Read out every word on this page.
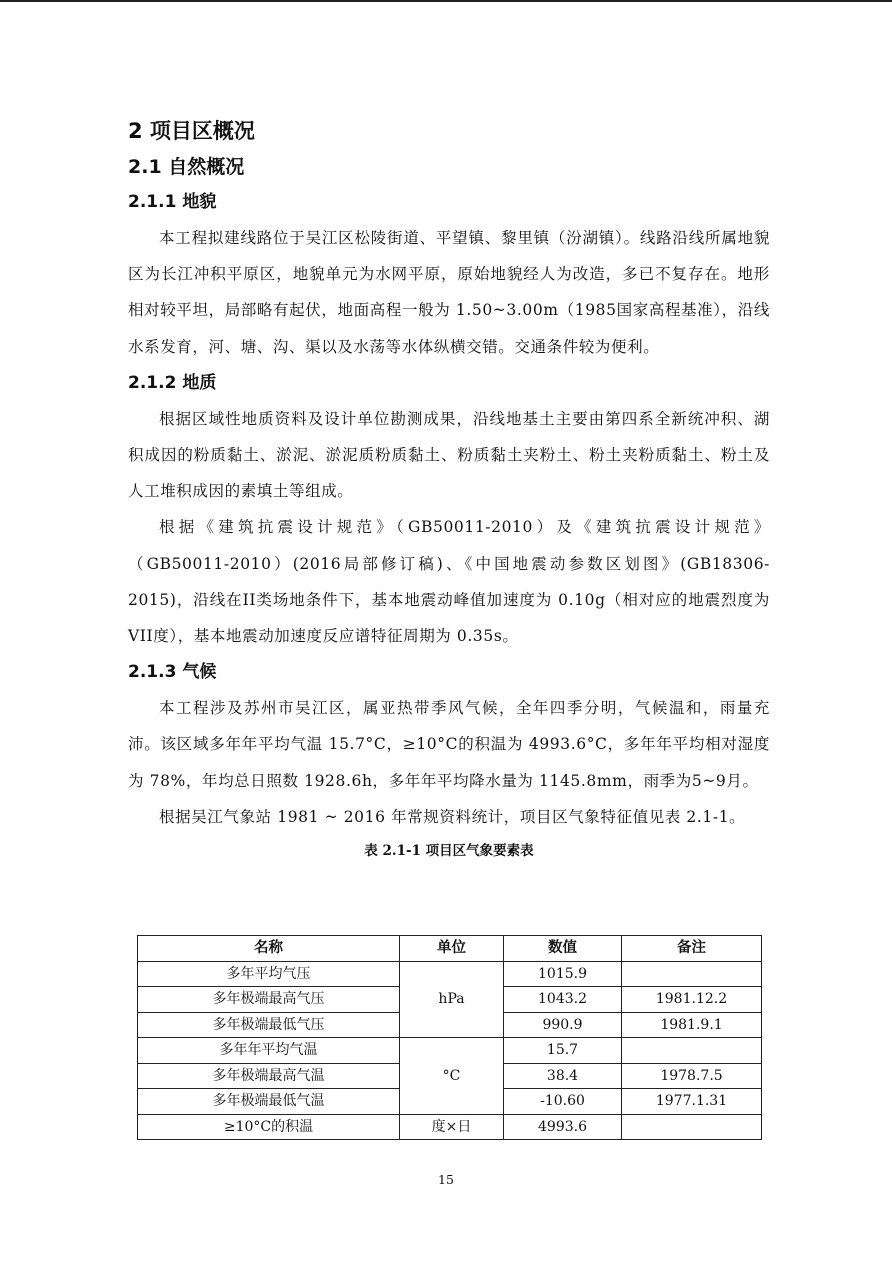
2 项目区概况
2.1 自然概况
2.1.1 地貌

本工程拟建线路位于吴江区松陵街道、平望镇、黎里镇（汾湖镇）。线路沿线所属地貌区为长江冲积平原区，地貌单元为水网平原，原始地貌经人为改造，多已不复存在。地形相对较平坦，局部略有起伏，地面高程一般为 1.50~3.00m（1985国家高程基准），沿线水系发育，河、塘、沟、渠以及水荡等水体纵横交错。交通条件较为便利。

2.1.2 地质

根据区域性地质资料及设计单位勘测成果，沿线地基土主要由第四系全新统冲积、湖积成因的粉质黏土、淤泥、淤泥质粉质黏土、粉质黏土夹粉土、粉土夹粉质黏土、粉土及人工堆积成因的素填土等组成。

根据《建筑抗震设计规范》（GB50011-2010）及《建筑抗震设计规范》（GB50011-2010）(2016局部修订稿)、《中国地震动参数区划图》(GB18306-2015)，沿线在II类场地条件下，基本地震动峰值加速度为 0.10g（相对应的地震烈度为 VII度），基本地震动加速度反应谱特征周期为 0.35s。

2.1.3 气候

本工程涉及苏州市吴江区，属亚热带季风气候，全年四季分明，气候温和，雨量充沛。该区域多年年平均气温 15.7°C，≥10°C的积温为 4993.6°C，多年年平均相对湿度为 78%，年均总日照数 1928.6h，多年年平均降水量为 1145.8mm，雨季为5~9月。

根据吴江气象站 1981 ~ 2016 年常规资料统计，项目区气象特征值见表 2.1-1。

表 2.1-1 项目区气象要素表
名称	单位	数值	备注
多年平均气压	hPa	1015.9	
多年极端最高气压		1043.2	1981.12.2
多年极端最低气压		990.9	1981.9.1
多年年平均气温	°C	15.7	
多年极端最高气温		38.4	1978.7.5
多年极端最低气温		-10.60	1977.1.31
≥10°C的积温	度×日	4993.6	
15
